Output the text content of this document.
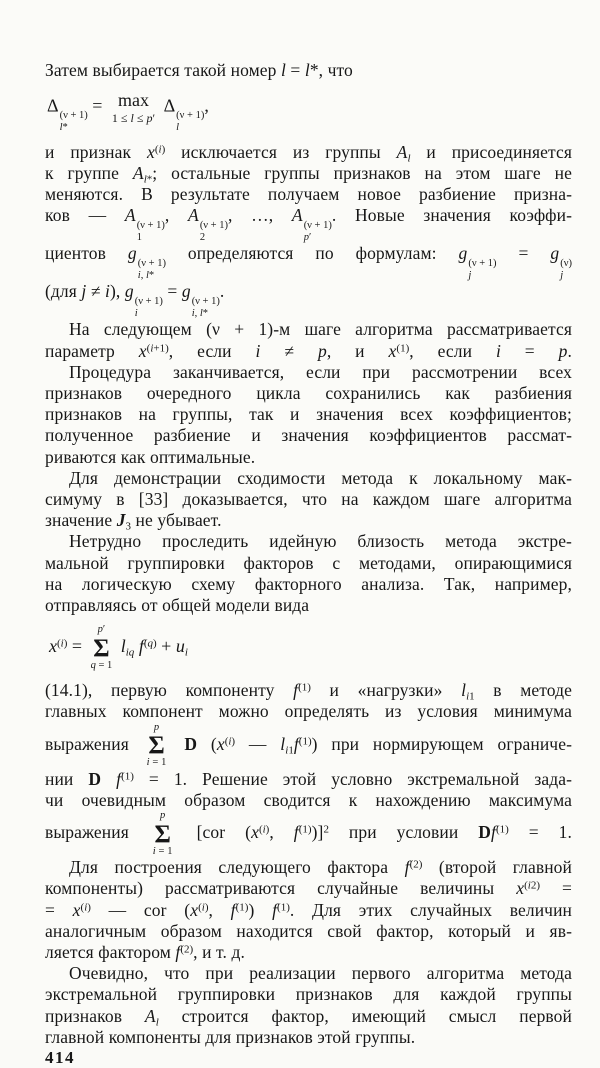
Затем выбирается такой номер l = l*, что
Δ (ν + 1)
l*
= max
1 ≤ l ≤ p′
Δ (ν + 1)
l
,
и признак $x^{(i)}$ исключается из группы $A_l$ и присоединяется
к группе $A_{l*}$; остальные группы признаков на этом шаге не
меняются. В результате получаем новое разбиение призна-
ков — A (ν + 1)
1
, A (ν + 1)
2
, …, A (ν + 1)
p′
. Новые значения коэффи-
циентов g (ν + 1)
i, l*
определяются по формулам: g (ν + 1)
j
= g (ν)
j
(для j ≠ i), g (ν + 1)
i
= g (ν + 1)
i, l*
.
На следующем (ν + 1)-м шаге алгоритма рассматривается
параметр $x^{(i+1)}$, если i ≠ p, и $x^{(1)}$, если i = p.
Процедура заканчивается, если при рассмотрении всех
признаков очередного цикла сохранились как разбиения
признаков на группы, так и значения всех коэффициентов;
полученное разбиение и значения коэффициентов рассмат-
риваются как оптимальные.
Для демонстрации сходимости метода к локальному мак-
симуму в [33] доказывается, что на каждом шаге алгоритма
значение $J_3$ не убывает.
Нетрудно проследить идейную близость метода экстре-
мальной группировки факторов с методами, опирающимися
на логическую схему факторного анализа. Так, например,
отправляясь от общей модели вида
$x^{(i)}$ =
p′
Σ
q = 1
$l_{iq}$ $f^{(q)} + u_i$
(14.1), первую компоненту $f^{(1)}$ и «нагрузки» $l_{i1}$ в методе
главных компонент можно определять из условия минимума
выражения
p
Σ
i = 1
D ($x^{(i)}$ — $l_{i1}f^{(1)}$) при нормирующем ограниче-
нии D $f^{(1)} = 1$. Решение этой условно экстремальной зада-
чи очевидным образом сводится к нахождению максимума
выражения
p
Σ
i = 1
[cor ($x^{(i)}$, $f^{(1)})]^2$ при условии $Df^{(1)} = 1$.
Для построения следующего фактора $f^{(2)}$ (второй главной
компоненты) рассматриваются случайные величины $x^{(i2)}$ =
= $x^{(i)}$ — cor ($x^{(i)}$, $f^{(1)}$) $f^{(1)}$. Для этих случайных величин
аналогичным образом находится свой фактор, который и яв-
ляется фактором $f^{(2)}$, и т. д.
Очевидно, что при реализации первого алгоритма метода
экстремальной группировки признаков для каждой группы
признаков $A_l$ строится фактор, имеющий смысл первой
главной компоненты для признаков этой группы.
414
